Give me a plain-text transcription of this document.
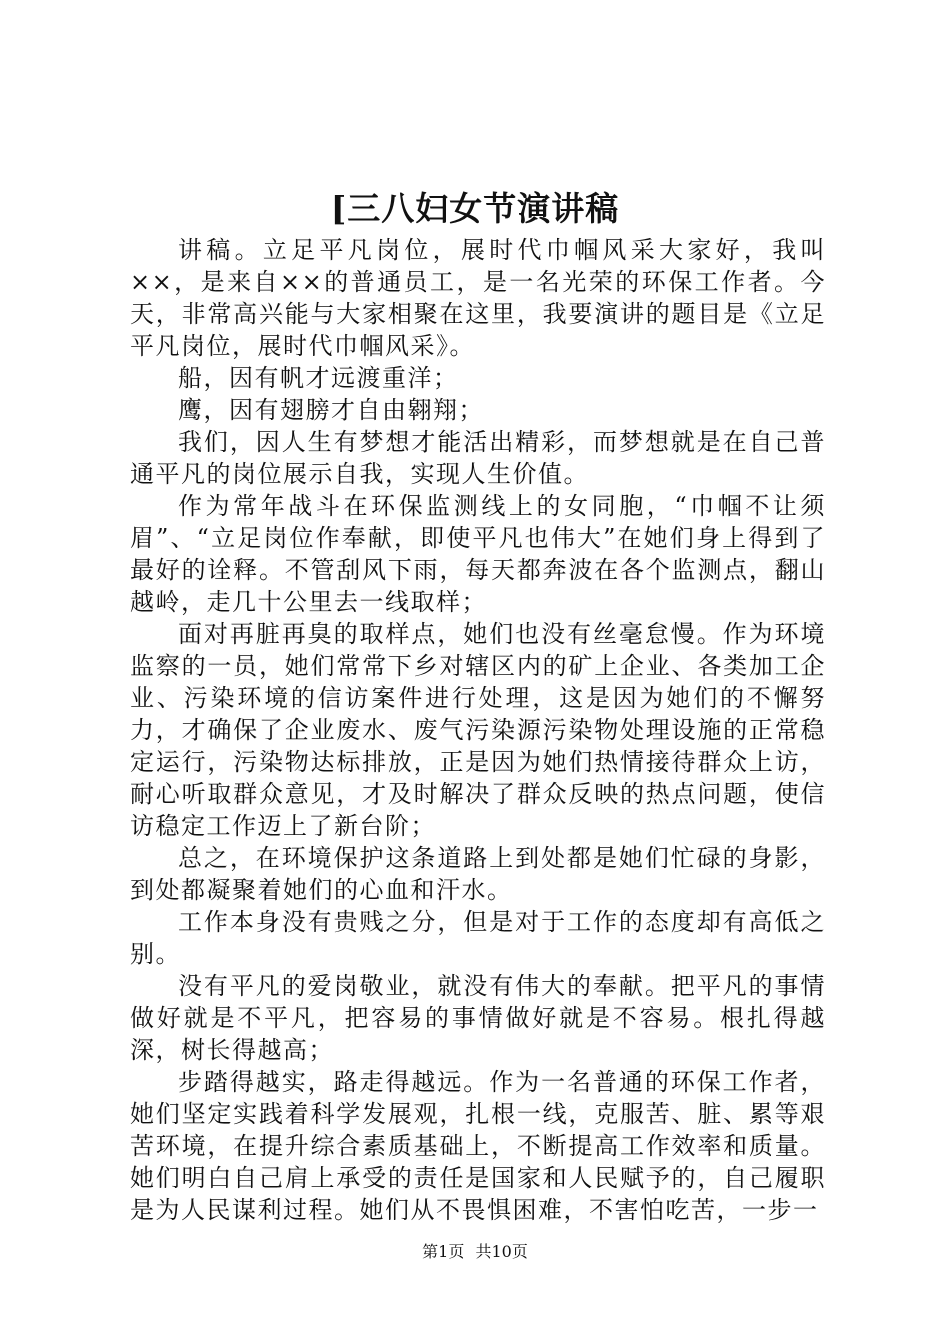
[三八妇女节演讲稿

讲稿。立足平凡岗位，展时代巾帼风采大家好，我叫××，是来自××的普通员工，是一名光荣的环保工作者。今天，非常高兴能与大家相聚在这里，我要演讲的题目是《立足平凡岗位，展时代巾帼风采》。

船，因有帆才远渡重洋；

鹰，因有翅膀才自由翱翔；

我们，因人生有梦想才能活出精彩，而梦想就是在自己普通平凡的岗位展示自我，实现人生价值。

作为常年战斗在环保监测线上的女同胞，“巾帼不让须眉”、“立足岗位作奉献，即使平凡也伟大”在她们身上得到了最好的诠释。不管刮风下雨，每天都奔波在各个监测点，翻山越岭，走几十公里去一线取样；

面对再脏再臭的取样点，她们也没有丝毫怠慢。作为环境监察的一员，她们常常下乡对辖区内的矿上企业、各类加工企业、污染环境的信访案件进行处理，这是因为她们的不懈努力，才确保了企业废水、废气污染源污染物处理设施的正常稳定运行，污染物达标排放，正是因为她们热情接待群众上访，耐心听取群众意见，才及时解决了群众反映的热点问题，使信访稳定工作迈上了新台阶；

总之，在环境保护这条道路上到处都是她们忙碌的身影，到处都凝聚着她们的心血和汗水。

工作本身没有贵贱之分，但是对于工作的态度却有高低之别。

没有平凡的爱岗敬业，就没有伟大的奉献。把平凡的事情做好就是不平凡，把容易的事情做好就是不容易。根扎得越深，树长得越高；

步踏得越实，路走得越远。作为一名普通的环保工作者，她们坚定实践着科学发展观，扎根一线，克服苦、脏、累等艰苦环境，在提升综合素质基础上，不断提高工作效率和质量。她们明白自己肩上承受的责任是国家和人民赋予的，自己履职是为人民谋利过程。她们从不畏惧困难，不害怕吃苦，一步一

第1页 共10页
